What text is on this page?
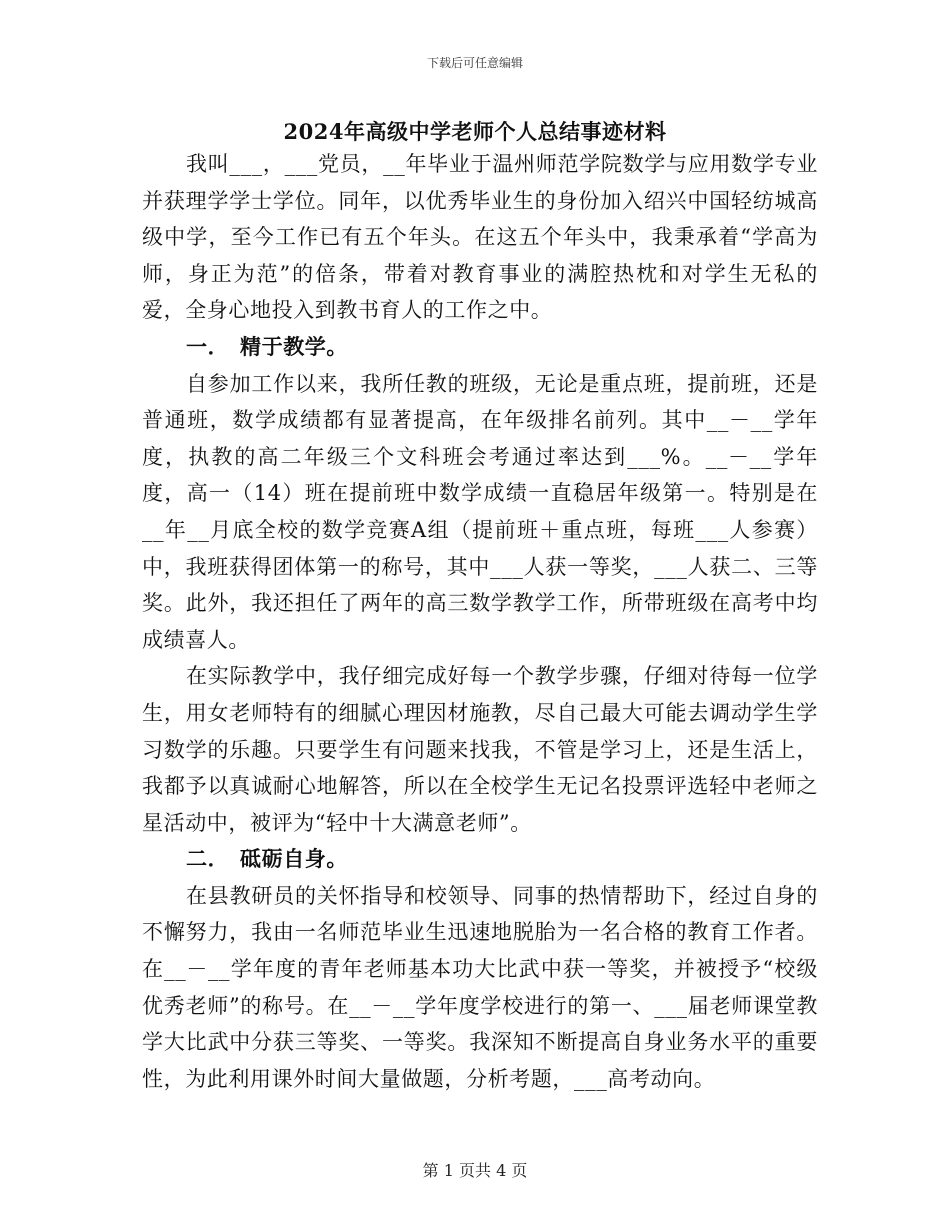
下载后可任意编辑
2024年高级中学老师个人总结事迹材料

我叫___，___党员，__年毕业于温州师范学院数学与应用数学专业并获理学学士学位。同年，以优秀毕业生的身份加入绍兴中国轻纺城高级中学，至今工作已有五个年头。在这五个年头中，我秉承着“学高为师，身正为范”的倍条，带着对教育事业的满腔热枕和对学生无私的爱，全身心地投入到教书育人的工作之中。

一． 精于教学。

自参加工作以来，我所任教的班级，无论是重点班，提前班，还是普通班，数学成绩都有显著提高，在年级排名前列。其中__－__学年度，执教的高二年级三个文科班会考通过率达到___%。__－__学年度，高一（14）班在提前班中数学成绩一直稳居年级第一。特别是在__年__月底全校的数学竞赛A组（提前班＋重点班，每班___人参赛）中，我班获得团体第一的称号，其中___人获一等奖，___人获二、三等奖。此外，我还担任了两年的高三数学教学工作，所带班级在高考中均成绩喜人。

在实际教学中，我仔细完成好每一个教学步骤，仔细对待每一位学生，用女老师特有的细腻心理因材施教，尽自己最大可能去调动学生学习数学的乐趣。只要学生有问题来找我，不管是学习上，还是生活上，我都予以真诚耐心地解答，所以在全校学生无记名投票评选轻中老师之星活动中，被评为“轻中十大满意老师”。

二． 砥砺自身。

在县教研员的关怀指导和校领导、同事的热情帮助下，经过自身的不懈努力，我由一名师范毕业生迅速地脱胎为一名合格的教育工作者。在__－__学年度的青年老师基本功大比武中获一等奖，并被授予“校级优秀老师”的称号。在__－__学年度学校进行的第一、___届老师课堂教学大比武中分获三等奖、一等奖。我深知不断提高自身业务水平的重要性，为此利用课外时间大量做题，分析考题，___高考动向。

第 1 页共 4 页
